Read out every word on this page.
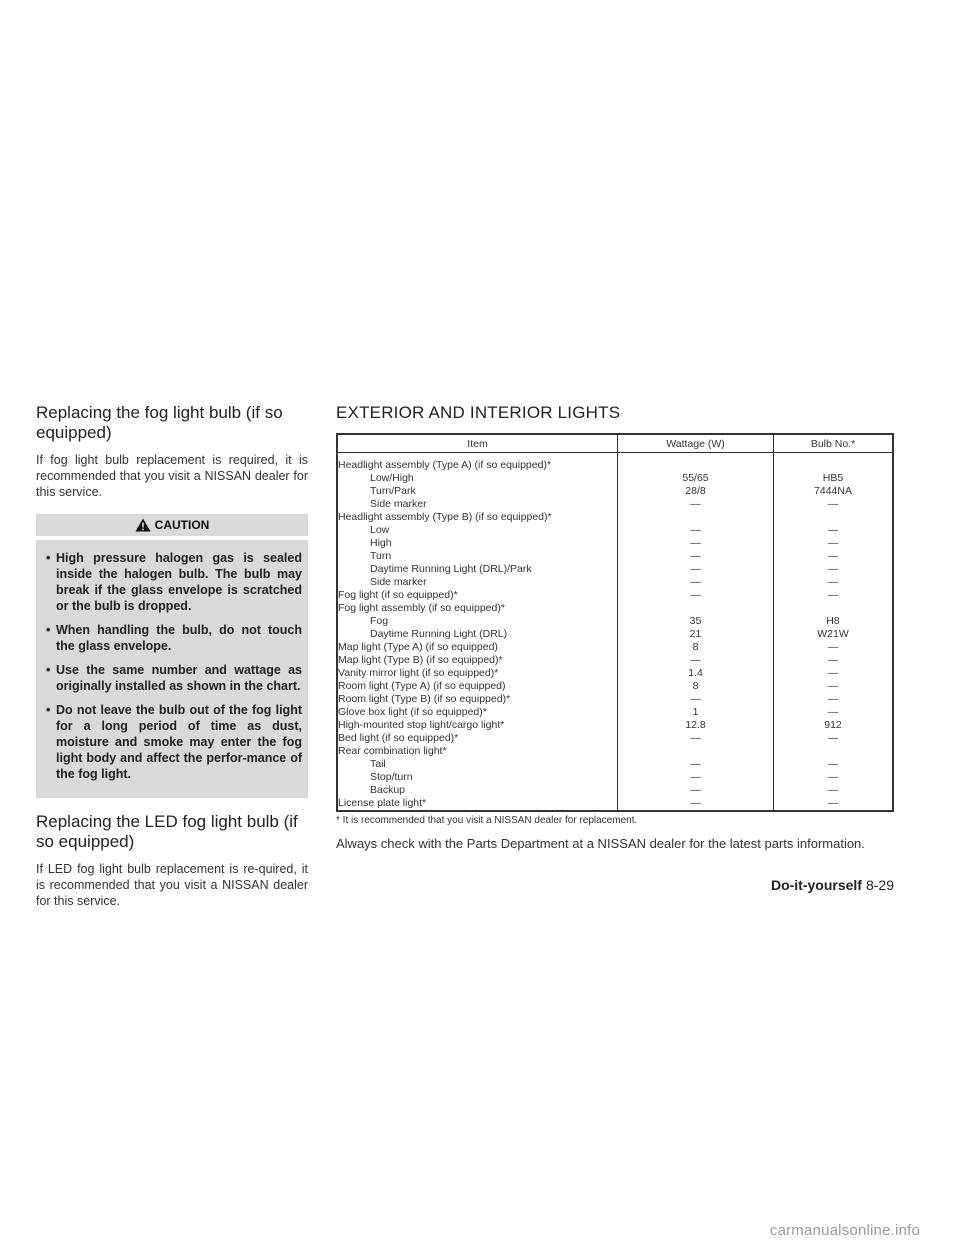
Replacing the fog light bulb (if so equipped)

If fog light bulb replacement is required, it is recommended that you visit a NISSAN dealer for this service.

CAUTION
• High pressure halogen gas is sealed inside the halogen bulb. The bulb may break if the glass envelope is scratched or the bulb is dropped.
• When handling the bulb, do not touch the glass envelope.
• Use the same number and wattage as originally installed as shown in the chart.
• Do not leave the bulb out of the fog light for a long period of time as dust, moisture and smoke may enter the fog light body and affect the perfor-mance of the fog light.
Replacing the LED fog light bulb (if so equipped)

If LED fog light bulb replacement is re-quired, it is recommended that you visit a NISSAN dealer for this service.

EXTERIOR AND INTERIOR LIGHTS
Item	Wattage (W)	Bulb No.*

Headlight assembly (Type A) (if so equipped)*		
Low/High	55/65	HB5
Turn/Park	28/8	7444NA
Side marker	—	—
Headlight assembly (Type B) (if so equipped)*		
Low	—	—
High	—	—
Turn	—	—
Daytime Running Light (DRL)/Park	—	—
Side marker	—	—
Fog light (if so equipped)*	—	—
Fog light assembly (if so equipped)*		
Fog	35	H8
Daytime Running Light (DRL)	21	W21W
Map light (Type A) (if so equipped)	8	—
Map light (Type B) (if so equipped)*	—	—
Vanity mirror light (if so equipped)*	1.4	—
Room light (Type A) (if so equipped)	8	—
Room light (Type B) (if so equipped)*	—	—
Glove box light (if so equipped)*	1	—
High-mounted stop light/cargo light*	12.8	912
Bed light (if so equipped)*	—	—
Rear combination light*		
Tail	—	—
Stop/turn	—	—
Backup	—	—
License plate light*	—	—
* It is recommended that you visit a NISSAN dealer for replacement.
Always check with the Parts Department at a NISSAN dealer for the latest parts information.
Do-it-yourself 8-29
carmanualsonline.info
